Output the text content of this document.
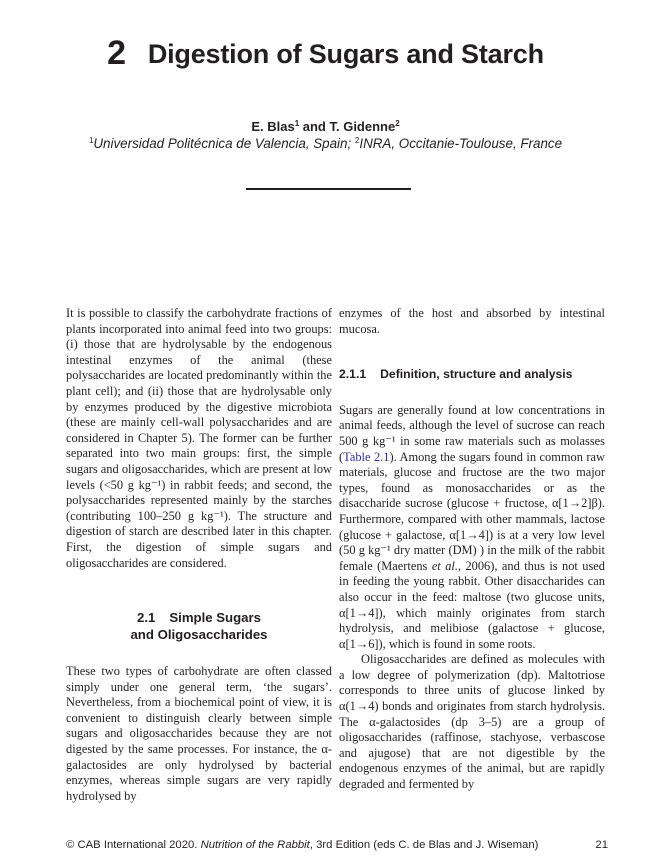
2 Digestion of Sugars and Starch
E. Blas$^1$ and T. Gidenne$^2$
$^1$Universidad Politécnica de Valencia, Spain; $^2$INRA, Occitanie-Toulouse, France

It is possible to classify the carbohydrate fractions of plants incorporated into animal feed into two groups: (i) those that are hydrolysable by the endogenous intestinal enzymes of the animal (these polysaccharides are located predominantly within the plant cell); and (ii) those that are hydrolysable only by enzymes produced by the digestive microbiota (these are mainly cell-wall polysaccharides and are considered in Chapter 5). The former can be further separated into two main groups: first, the simple sugars and oligosaccharides, which are present at low levels (<50 g kg⁻¹) in rabbit feeds; and second, the polysaccharides represented mainly by the starches (contributing 100–250 g kg⁻¹). The structure and digestion of starch are described later in this chapter. First, the digestion of simple sugars and oligosaccharides are considered.

2.1 Simple Sugars
and Oligosaccharides

These two types of carbohydrate are often classed simply under one general term, ‘the sugars’. Nevertheless, from a biochemical point of view, it is convenient to distinguish clearly between simple sugars and oligosaccharides because they are not digested by the same processes. For instance, the α-galactosides are only hydrolysed by bacterial enzymes, whereas simple sugars are very rapidly hydrolysed by

enzymes of the host and absorbed by intestinal mucosa.

2.1.1 Definition, structure and analysis

Sugars are generally found at low concentrations in animal feeds, although the level of sucrose can reach 500 g kg⁻¹ in some raw materials such as molasses (Table 2.1). Among the sugars found in common raw materials, glucose and fructose are the two major types, found as monosaccharides or as the disaccharide sucrose (glucose + fructose, α[1→2]β). Furthermore, compared with other mammals, lactose (glucose + galactose, α[1→4]) is at a very low level (50 g kg⁻¹ dry matter (DM) ) in the milk of the rabbit female (Maertens et al., 2006), and thus is not used in feeding the young rabbit. Other disaccharides can also occur in the feed: maltose (two glucose units, α[1→4]), which mainly originates from starch hydrolysis, and melibiose (galactose + glucose, α[1→6]), which is found in some roots.

Oligosaccharides are defined as molecules with a low degree of polymerization (dp). Maltotriose corresponds to three units of glucose linked by α(1→4) bonds and originates from starch hydrolysis. The α-galactosides (dp 3–5) are a group of oligosaccharides (raffinose, stachyose, verbascose and ajugose) that are not digestible by the endogenous enzymes of the animal, but are rapidly degraded and fermented by

© CAB International 2020. Nutrition of the Rabbit, 3rd Edition (eds C. de Blas and J. Wiseman)	21
